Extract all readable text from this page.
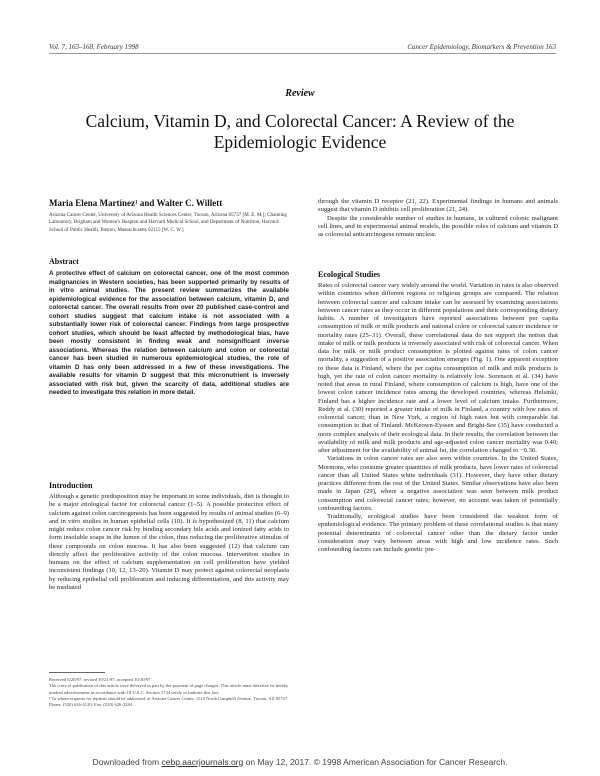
Vol. 7, 163–168, February 1998	Cancer Epidemiology, Biomarkers & Prevention 163
Review
Calcium, Vitamin D, and Colorectal Cancer: A Review of the Epidemiologic Evidence
Maria Elena Martínez¹ and Walter C. Willett
Arizona Cancer Center, University of Arizona Health Sciences Center, Tucson, Arizona 85737 [M. E. M.]; Channing Laboratory, Brigham and Women's Hospital and Harvard Medical School, and Department of Nutrition, Harvard School of Public Health, Boston, Massachusetts 02115 [W. C. W.]
Abstract
A protective effect of calcium on colorectal cancer, one of the most common malignancies in Western societies, has been supported primarily by results of in vitro animal studies. The present review summarizes the available epidemiological evidence for the association between calcium, vitamin D, and colorectal cancer. The overall results from over 20 published case-control and cohort studies suggest that calcium intake is not associated with a substantially lower risk of colorectal cancer. Findings from large prospective cohort studies, which should be least affected by methodological bias, have been mostly consistent in finding weak and nonsignificant inverse associations. Whereas the relation between calcium and colon or colorectal cancer has been studied in numerous epidemiological studies, the role of vitamin D has only been addressed in a few of these investigations. The available results for vitamin D suggest that this micronutrient is inversely associated with risk but, given the scarcity of data, additional studies are needed to investigate this relation in more detail.
Introduction

Although a genetic predisposition may be important in some individuals, diet is thought to be a major etiological factor for colorectal cancer (1–5). A possible protective effect of calcium against colon carcinogenesis has been suggested by results of animal studies (6–9) and in vitro studies in human epithelial cells (10). It is hypothesized (8, 11) that calcium might reduce colon cancer risk by binding secondary bile acids and ionized fatty acids to form insoluble soaps in the lumen of the colon, thus reducing the proliferative stimulus of these compounds on colon mucosa. It has also been suggested (12) that calcium can directly affect the proliferative activity of the colon mucosa. Intervention studies in humans on the effect of calcium supplementation on cell proliferation have yielded inconsistent findings (10, 12, 13–20). Vitamin D may protect against colorectal neoplasia by reducing epithelial cell proliferation and inducing differentiation, and this activity may be mediated

Received 6/20/97; revised 10/21/97; accepted 10/30/97.

The costs of publication of this article were defrayed in part by the payment of page charges. This article must therefore be hereby marked advertisement in accordance with 18 U.S.C. Section 1734 solely to indicate this fact.

¹ To whom requests for reprints should be addressed, at Arizona Cancer Center, 1515 North Campbell Avenue, Tucson, AZ 85737. Phone: (520) 626-4120; Fax: (520) 626-2284.

through the vitamin D receptor (21, 22). Experimental findings in humans and animals suggest that vitamin D inhibits cell proliferation (21, 24).

Despite the considerable number of studies in humans, in cultured colonic malignant cell lines, and in experimental animal models, the possible roles of calcium and vitamin D as colorectal anticarcinogens remain unclear.

Ecological Studies

Rates of colorectal cancer vary widely around the world. Variation in rates is also observed within countries when different regions or religious groups are compared. The relation between colorectal cancer and calcium intake can be assessed by examining associations between cancer rates as they occur in different populations and their corresponding dietary habits. A number of investigators have reported associations between per capita consumption of milk or milk products and national colon or colorectal cancer incidence or mortality rates (25–31). Overall, these correlational data do not support the notion that intake of milk or milk products is inversely associated with risk of colorectal cancer. When data for milk or milk product consumption is plotted against rates of colon cancer mortality, a suggestion of a positive association emerges (Fig. 1). One apparent exception to these data is Finland, where the per capita consumption of milk and milk products is high, yet the rate of colon cancer mortality is relatively low. Sorenson et al. (34) have noted that areas in rural Finland, where consumption of calcium is high, have one of the lowest colon cancer incidence rates among the developed countries, whereas Helsinki, Finland has a higher incidence rate and a lower level of calcium intake. Furthermore, Reddy et al. (30) reported a greater intake of milk in Finland, a country with low rates of colorectal cancer, than in New York, a region of high rates but with comparable fat consumption to that of Finland. McKeown-Eyssen and Bright-See (35) have conducted a more complex analysis of their ecological data. In their results, the correlation between the availability of milk and milk products and age-adjusted colon cancer mortality was 0.40; after adjustment for the availability of animal fat, the correlation changed to −0.30.

Variations in colon cancer rates are also seen within countries. In the United States, Mormons, who consume greater quantities of milk products, have lower rates of colorectal cancer than all United States white individuals (31). However, they have other dietary practices different from the rest of the United States. Similar observations have also been made in Japan (29), where a negative association was seen between milk product consumption and colorectal cancer rates; however, no account was taken of potentially confounding factors.

Traditionally, ecological studies have been considered the weakest form of epidemiological evidence. The primary problem of these correlational studies is that many potential determinants of colorectal cancer other than the dietary factor under consideration may vary between areas with high and low incidence rates. Such confounding factors can include genetic pre-

Downloaded from cebp.aacrjournals.org on May 12, 2017. © 1998 American Association for Cancer Research.
